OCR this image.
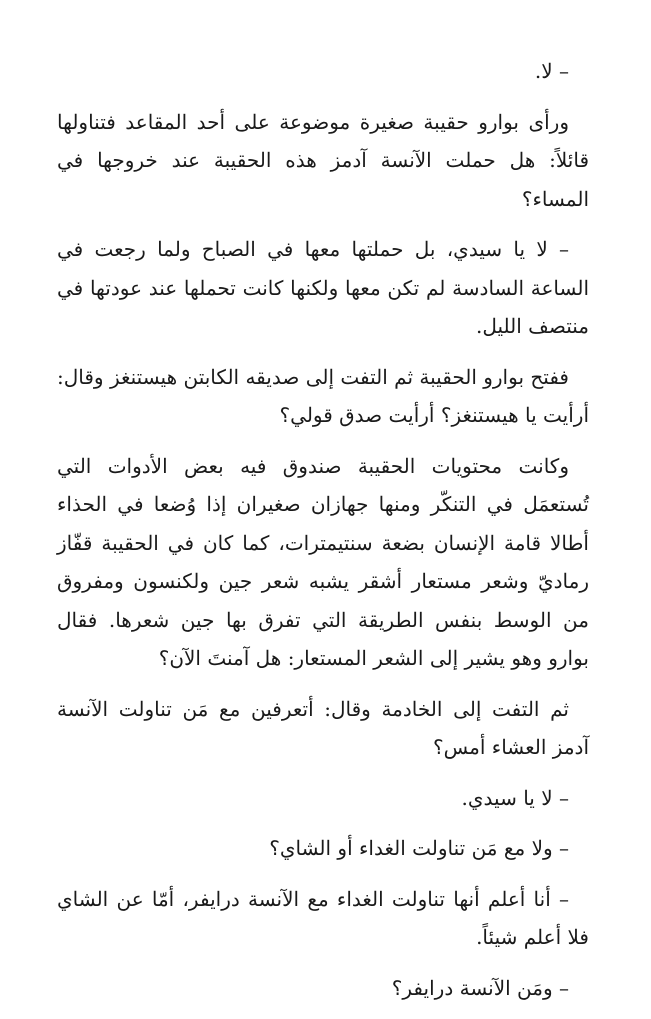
– لا.

ورأى بوارو حقيبة صغيرة موضوعة على أحد المقاعد فتناولها قائلاً: هل حملت الآنسة آدمز هذه الحقيبة عند خروجها في المساء؟

– لا يا سيدي، بل حملتها معها في الصباح ولما رجعت في الساعة السادسة لم تكن معها ولكنها كانت تحملها عند عودتها في منتصف الليل.

ففتح بوارو الحقيبة ثم التفت إلى صديقه الكابتن هيستنغز وقال: أرأيت يا هيستنغز؟ أرأيت صدق قولي؟

وكانت محتويات الحقيبة صندوق فيه بعض الأدوات التي تُستعمَل في التنكّر ومنها جهازان صغيران إذا وُضعا في الحذاء أطالا قامة الإنسان بضعة سنتيمترات، كما كان في الحقيبة قفّاز رماديّ وشعر مستعار أشقر يشبه شعر جين ولكنسون ومفروق من الوسط بنفس الطريقة التي تفرق بها جين شعرها. فقال بوارو وهو يشير إلى الشعر المستعار: هل آمنتَ الآن؟

ثم التفت إلى الخادمة وقال: أتعرفين مع مَن تناولت الآنسة آدمز العشاء أمس؟

– لا يا سيدي.

– ولا مع مَن تناولت الغداء أو الشاي؟

– أنا أعلم أنها تناولت الغداء مع الآنسة درايفر، أمّا عن الشاي فلا أعلم شيئاً.

– ومَن الآنسة درايفر؟
